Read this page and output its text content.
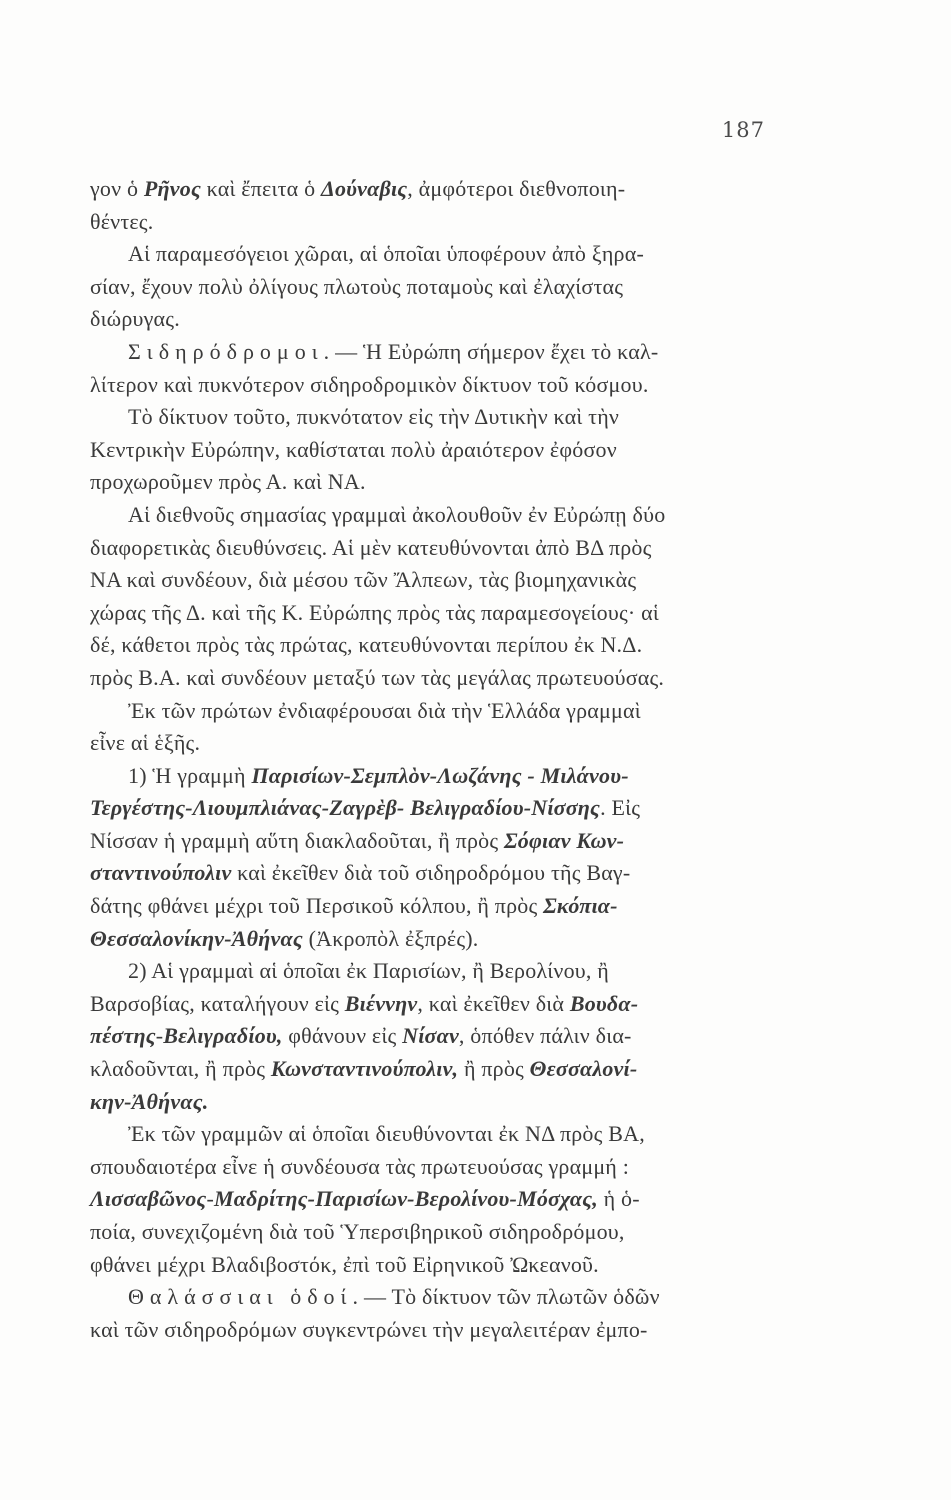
187
γον ὁ Ρῆνος καὶ ἔπειτα ὁ Δούναβις, ἀμφότεροι διεθνοποιη-
θέντες.
Αἱ παραμεσόγειοι χῶραι, αἱ ὁποῖαι ὑποφέρουν ἀπὸ ξηρα-
σίαν, ἔχουν πολὺ ὀλίγους πλωτοὺς ποταμοὺς καὶ ἐλαχίστας
διώρυγας.
Σιδηρόδρομοι.— Ἡ Εὐρώπη σήμερον ἔχει τὸ καλ-
λίτερον καὶ πυκνότερον σιδηροδρομικὸν δίκτυον τοῦ κόσμου.
Τὸ δίκτυον τοῦτο, πυκνότατον εἰς τὴν Δυτικὴν καὶ τὴν
Κεντρικὴν Εὐρώπην, καθίσταται πολὺ ἀραιότερον ἐφόσον
προχωροῦμεν πρὸς Α. καὶ ΝΑ.
Αἱ διεθνοῦς σημασίας γραμμαὶ ἀκολουθοῦν ἐν Εὐρώπῃ δύο
διαφορετικὰς διευθύνσεις. Αἱ μὲν κατευθύνονται ἀπὸ ΒΔ πρὸς
ΝΑ καὶ συνδέουν, διὰ μέσου τῶν Ἄλπεων, τὰς βιομηχανικὰς
χώρας τῆς Δ. καὶ τῆς Κ. Εὐρώπης πρὸς τὰς παραμεσογείους· αἱ
δέ, κάθετοι πρὸς τὰς πρώτας, κατευθύνονται περίπου ἐκ Ν.Δ.
πρὸς Β.Α. καὶ συνδέουν μεταξύ των τὰς μεγάλας πρωτευούσας.
Ἐκ τῶν πρώτων ἐνδιαφέρουσαι διὰ τὴν Ἑλλάδα γραμμαὶ
εἶνε αἱ ἑξῆς.
1) Ἡ γραμμὴ Παρισίων-Σεμπλὸν-Λωζάνης - Μιλάνου-
Τεργέστης-Λιουμπλιάνας-Ζαγρὲβ- Βελιγραδίου-Νίσσης. Εἰς
Νίσσαν ἡ γραμμὴ αὕτη διακλαδοῦται, ἢ πρὸς Σόφιαν Κων-
σταντινούπολιν καὶ ἐκεῖθεν διὰ τοῦ σιδηροδρόμου τῆς Βαγ-
δάτης φθάνει μέχρι τοῦ Περσικοῦ κόλπου, ἢ πρὸς Σκόπια-
Θεσσαλονίκην-Ἀθήνας (Ἀκροπὸλ ἐξπρές).
2) Αἱ γραμμαὶ αἱ ὁποῖαι ἐκ Παρισίων, ἢ Βερολίνου, ἢ
Βαρσοβίας, καταλήγουν εἰς Βιέννην, καὶ ἐκεῖθεν διὰ Βουδα-
πέστης-Βελιγραδίου, φθάνουν εἰς Νίσαν, ὁπόθεν πάλιν δια-
κλαδοῦνται, ἢ πρὸς Κωνσταντινούπολιν, ἢ πρὸς Θεσσαλονί-
κην-Ἀθήνας.
Ἐκ τῶν γραμμῶν αἱ ὁποῖαι διευθύνονται ἐκ ΝΔ πρὸς ΒΑ,
σπουδαιοτέρα εἶνε ἡ συνδέουσα τὰς πρωτευούσας γραμμή :
Λισσαβῶνος-Μαδρίτης-Παρισίων-Βερολίνου-Μόσχας, ἡ ὁ-
ποία, συνεχιζομένη διὰ τοῦ Ὑπερσιβηρικοῦ σιδηροδρόμου,
φθάνει μέχρι Βλαδιβοστόκ, ἐπὶ τοῦ Εἰρηνικοῦ Ὠκεανοῦ.
Θαλάσσιαι ὁδοί.— Τὸ δίκτυον τῶν πλωτῶν ὁδῶν
καὶ τῶν σιδηροδρόμων συγκεντρώνει τὴν μεγαλειτέραν ἐμπο-
